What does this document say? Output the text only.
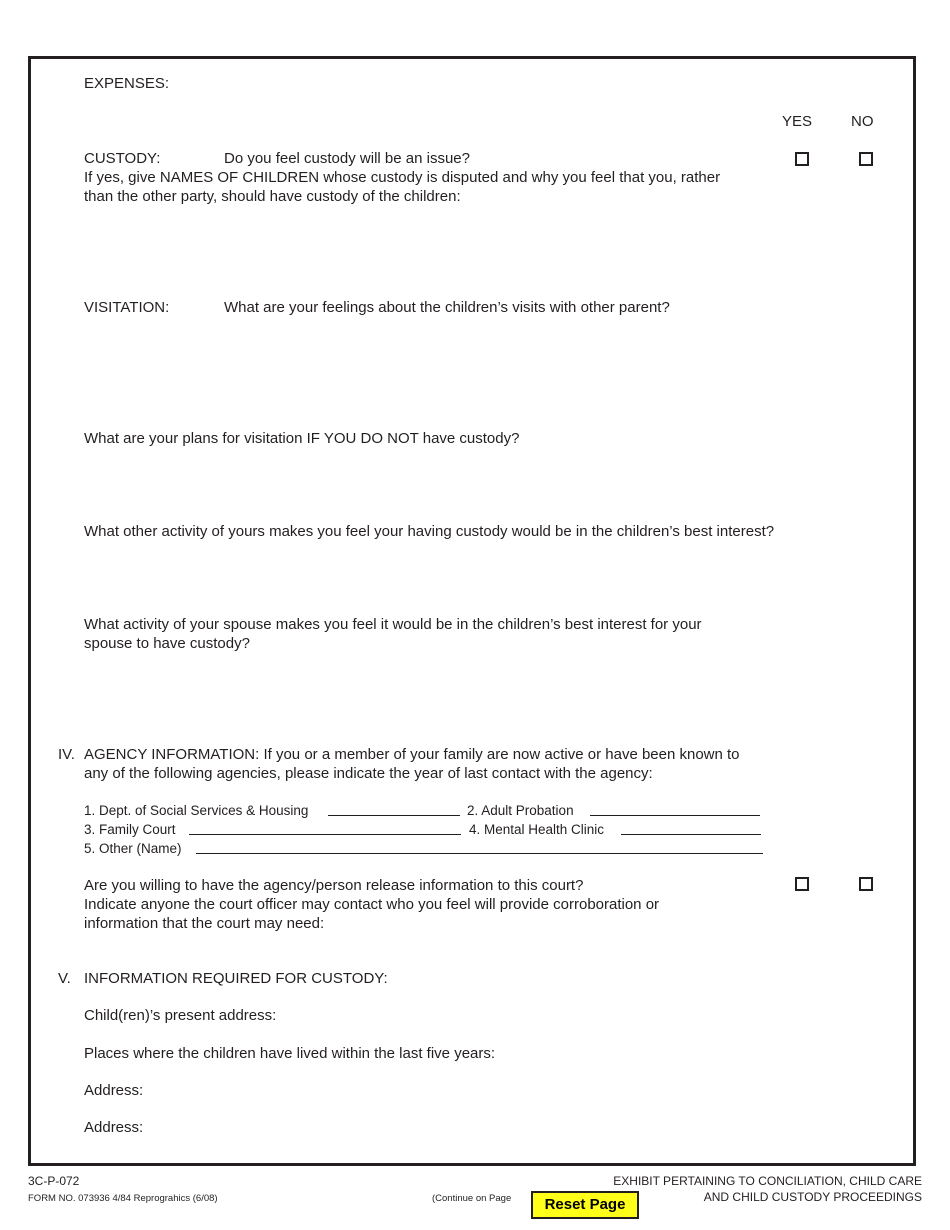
EXPENSES:
YES	NO
CUSTODY:	Do you feel custody will be an issue?
If yes, give NAMES OF CHILDREN whose custody is disputed and why you feel that you, rather
than the other party, should have custody of the children:
VISITATION:	What are your feelings about the children’s visits with other parent?
What are your plans for visitation IF YOU DO NOT have custody?
What other activity of yours makes you feel your having custody would be in the children’s best interest?
What activity of your spouse makes you feel it would be in the children’s best interest for your
spouse to have custody?
IV. AGENCY INFORMATION: If you or a member of your family are now active or have been known to
any of the following agencies, please indicate the year of last contact with the agency:
1. Dept. of Social Services & Housing	2. Adult Probation
3. Family Court	4. Mental Health Clinic
5. Other (Name)
Are you willing to have the agency/person release information to this court?
Indicate anyone the court officer may contact who you feel will provide corroboration or
information that the court may need:
V. INFORMATION REQUIRED FOR CUSTODY:
Child(ren)’s present address:
Places where the children have lived within the last five years:
Address:
Address:
3C-P-072
FORM NO. 073936 4/84 Reprograhics (6/08)	(Continue on Page
EXHIBIT PERTAINING TO CONCILIATION, CHILD CARE
AND CHILD CUSTODY PROCEEDINGS
Reset Page
